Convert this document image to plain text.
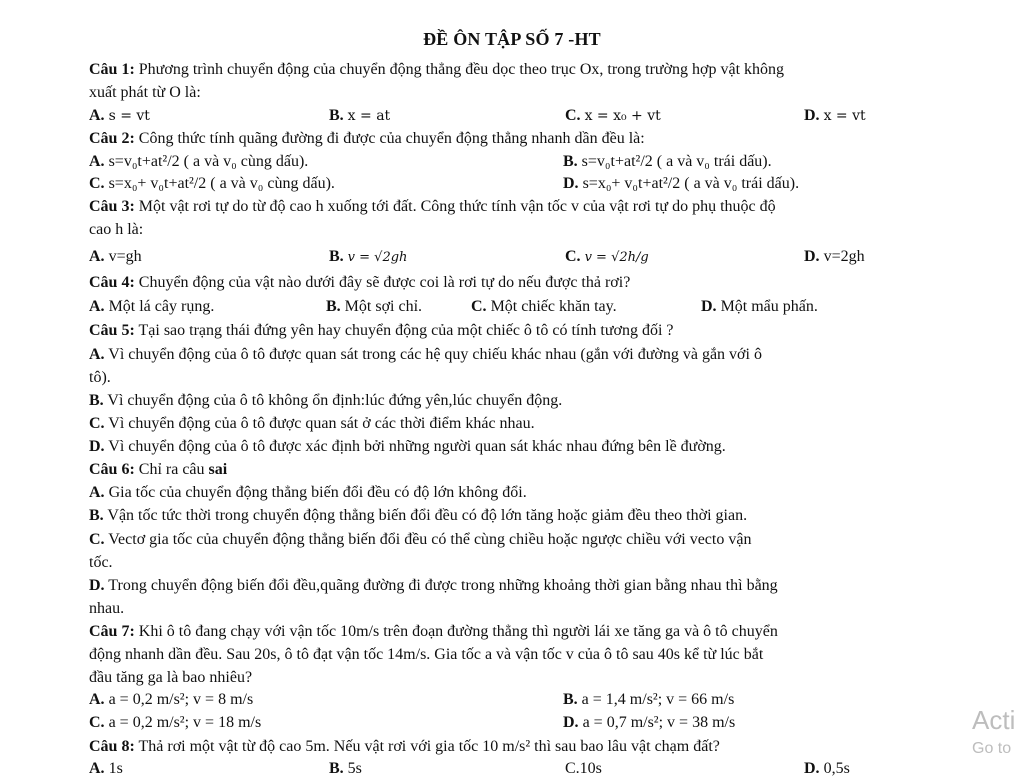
ĐỀ ÔN TẬP SỐ 7 -HT
Câu 1: Phương trình chuyển động của chuyển động thẳng đều dọc theo trục Ox, trong trường hợp vật không
xuất phát từ O là:
A. s = vt	B. x = at	C. x = x₀ + vt	D. x = vt
Câu 2: Công thức tính quãng đường đi được của chuyển động thẳng nhanh dần đều là:
A. s=v₀t+at²/2 ( a và v₀ cùng dấu).	B. s=v₀t+at²/2 ( a và v₀ trái dấu).
C. s=x₀+ v₀t+at²/2 ( a và v₀ cùng dấu).	D. s=x₀+ v₀t+at²/2 ( a và v₀ trái dấu).
Câu 3: Một vật rơi tự do từ độ cao h xuống tới đất. Công thức tính vận tốc v của vật rơi tự do phụ thuộc độ
cao h là:
A. v=gh	B. v = √2gh	C. v = √2h/g	D. v=2gh
Câu 4: Chuyển động của vật nào dưới đây sẽ được coi là rơi tự do nếu được thả rơi?
A. Một lá cây rụng.	B. Một sợi chỉ.	C. Một chiếc khăn tay.	D. Một mẩu phấn.
Câu 5: Tại sao trạng thái đứng yên hay chuyển động của một chiếc ô tô có tính tương đối ?
A. Vì chuyển động của ô tô được quan sát trong các hệ quy chiếu khác nhau (gắn với đường và gắn với ô
tô).
B. Vì chuyển động của ô tô không ổn định:lúc đứng yên,lúc chuyển động.
C. Vì chuyển động của ô tô được quan sát ở các thời điểm khác nhau.
D. Vì chuyển động của ô tô được xác định bởi những người quan sát khác nhau đứng bên lề đường.
Câu 6: Chỉ ra câu sai
A. Gia tốc của chuyển động thẳng biến đổi đều có độ lớn không đổi.
B. Vận tốc tức thời trong chuyển động thẳng biến đổi đều có độ lớn tăng hoặc giảm đều theo thời gian.
C. Vectơ gia tốc của chuyển động thẳng biến đổi đều có thể cùng chiều hoặc ngược chiều với vecto vận
tốc.
D. Trong chuyển động biến đổi đều,quãng đường đi được trong những khoảng thời gian bằng nhau thì bằng
nhau.
Câu 7: Khi ô tô đang chạy với vận tốc 10m/s trên đoạn đường thẳng thì người lái xe tăng ga và ô tô chuyển
động nhanh dần đều. Sau 20s, ô tô đạt vận tốc 14m/s. Gia tốc a và vận tốc v của ô tô sau 40s kể từ lúc bắt
đầu tăng ga là bao nhiêu?
A. a = 0,2 m/s²; v = 8 m/s	B. a = 1,4 m/s²; v = 66 m/s
C. a = 0,2 m/s²; v = 18 m/s	D. a = 0,7 m/s²; v = 38 m/s
Câu 8: Thả rơi một vật từ độ cao 5m. Nếu vật rơi với gia tốc 10 m/s² thì sau bao lâu vật chạm đất?
A. 1s	B. 5s	C.10s	D. 0,5s
Acti
Go to
